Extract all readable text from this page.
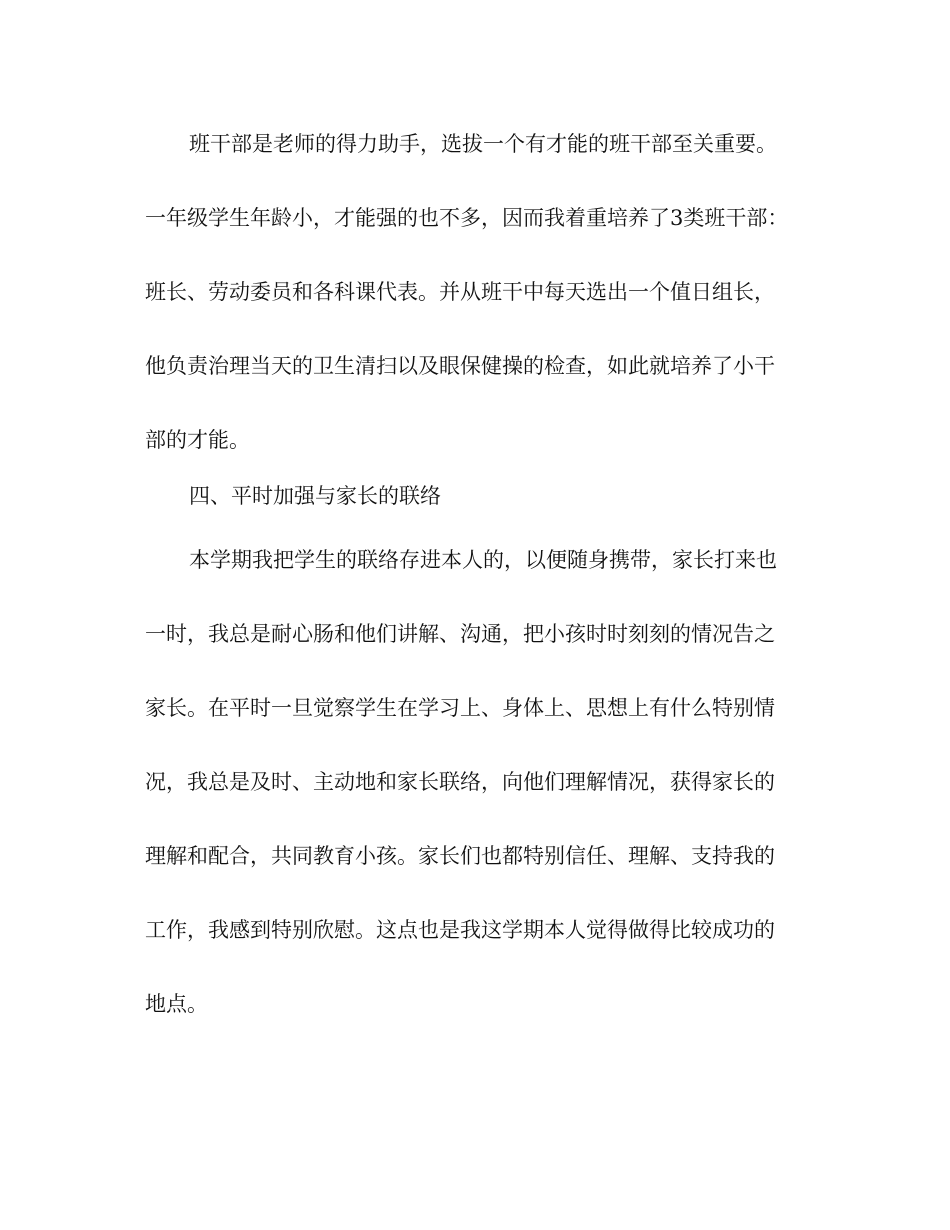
班干部是老师的得力助手，选拔一个有才能的班干部至关重要。
一年级学生年龄小，才能强的也不多，因而我着重培养了3类班干部：
班长、劳动委员和各科课代表。并从班干中每天选出一个值日组长，
他负责治理当天的卫生清扫以及眼保健操的检查，如此就培养了小干
部的才能。
四、平时加强与家长的联络
本学期我把学生的联络存进本人的，以便随身携带，家长打来也
一时，我总是耐心肠和他们讲解、沟通，把小孩时时刻刻的情况告之
家长。在平时一旦觉察学生在学习上、身体上、思想上有什么特别情
况，我总是及时、主动地和家长联络，向他们理解情况，获得家长的
理解和配合，共同教育小孩。家长们也都特别信任、理解、支持我的
工作，我感到特别欣慰。这点也是我这学期本人觉得做得比较成功的
地点。
